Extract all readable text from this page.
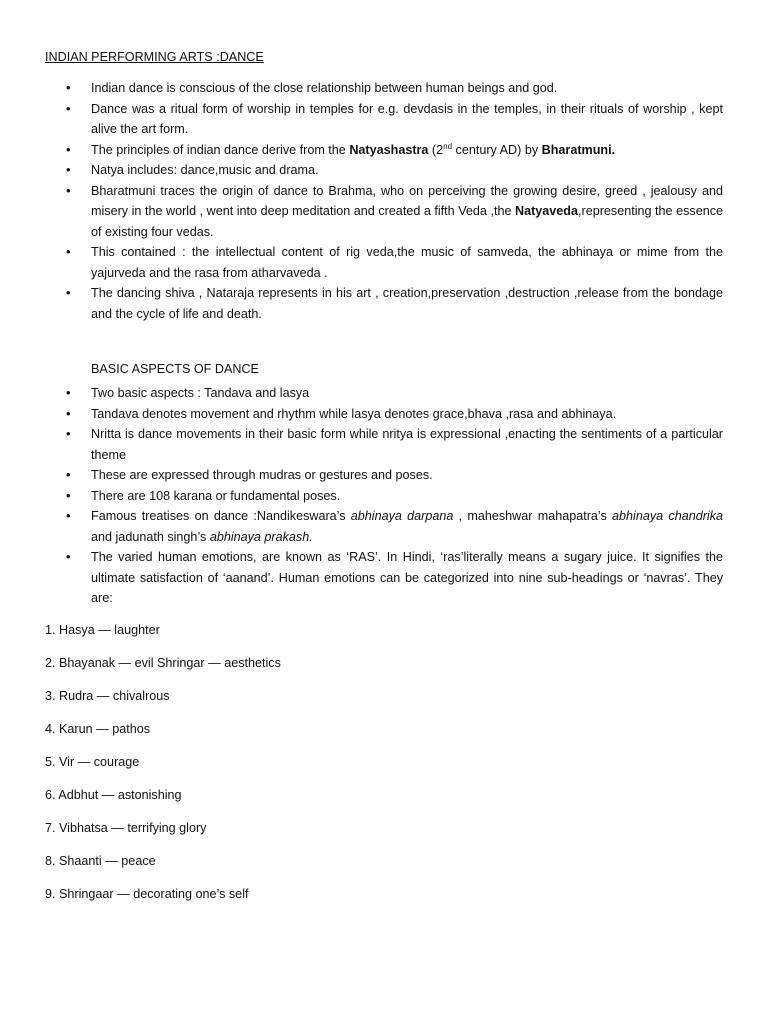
INDIAN PERFORMING ARTS :DANCE
• Indian dance is conscious of the close relationship between human beings and god.
• Dance was a ritual form of worship in temples for e.g. devdasis in the temples, in their rituals of worship , kept alive the art form.
• The principles of indian dance derive from the Natyashastra (2nd century AD) by Bharatmuni.
• Natya includes: dance,music and drama.
• Bharatmuni traces the origin of dance to Brahma, who on perceiving the growing desire, greed , jealousy and misery in the world , went into deep meditation and created a fifth Veda ,the Natyaveda,representing the essence of existing four vedas.
• This contained : the intellectual content of rig veda,the music of samveda, the abhinaya or mime from the yajurveda and the rasa from atharvaveda .
• The dancing shiva , Nataraja represents in his art , creation,preservation ,destruction ,release from the bondage and the cycle of life and death.
BASIC ASPECTS OF DANCE
• Two basic aspects : Tandava and lasya
• Tandava denotes movement and rhythm while lasya denotes grace,bhava ,rasa and abhinaya.
• Nritta is dance movements in their basic form while nritya is expressional ,enacting the sentiments of a particular theme
• These are expressed through mudras or gestures and poses.
• There are 108 karana or fundamental poses.
• Famous treatises on dance :Nandikeswara’s abhinaya darpana , maheshwar mahapatra’s abhinaya chandrika and jadunath singh’s abhinaya prakash.
• The varied human emotions, are known as ‘RAS’. In Hindi, ‘ras’literally means a sugary juice. It signifies the ultimate satisfaction of ‘aanand’. Human emotions can be categorized into nine sub-headings or ‘navras’. They are:
1. Hasya — laughter
2. Bhayanak — evil Shringar — aesthetics
3. Rudra — chivalrous
4. Karun — pathos
5. Vir — courage
6. Adbhut — astonishing
7. Vibhatsa — terrifying glory
8. Shaanti — peace
9. Shringaar — decorating one’s self
